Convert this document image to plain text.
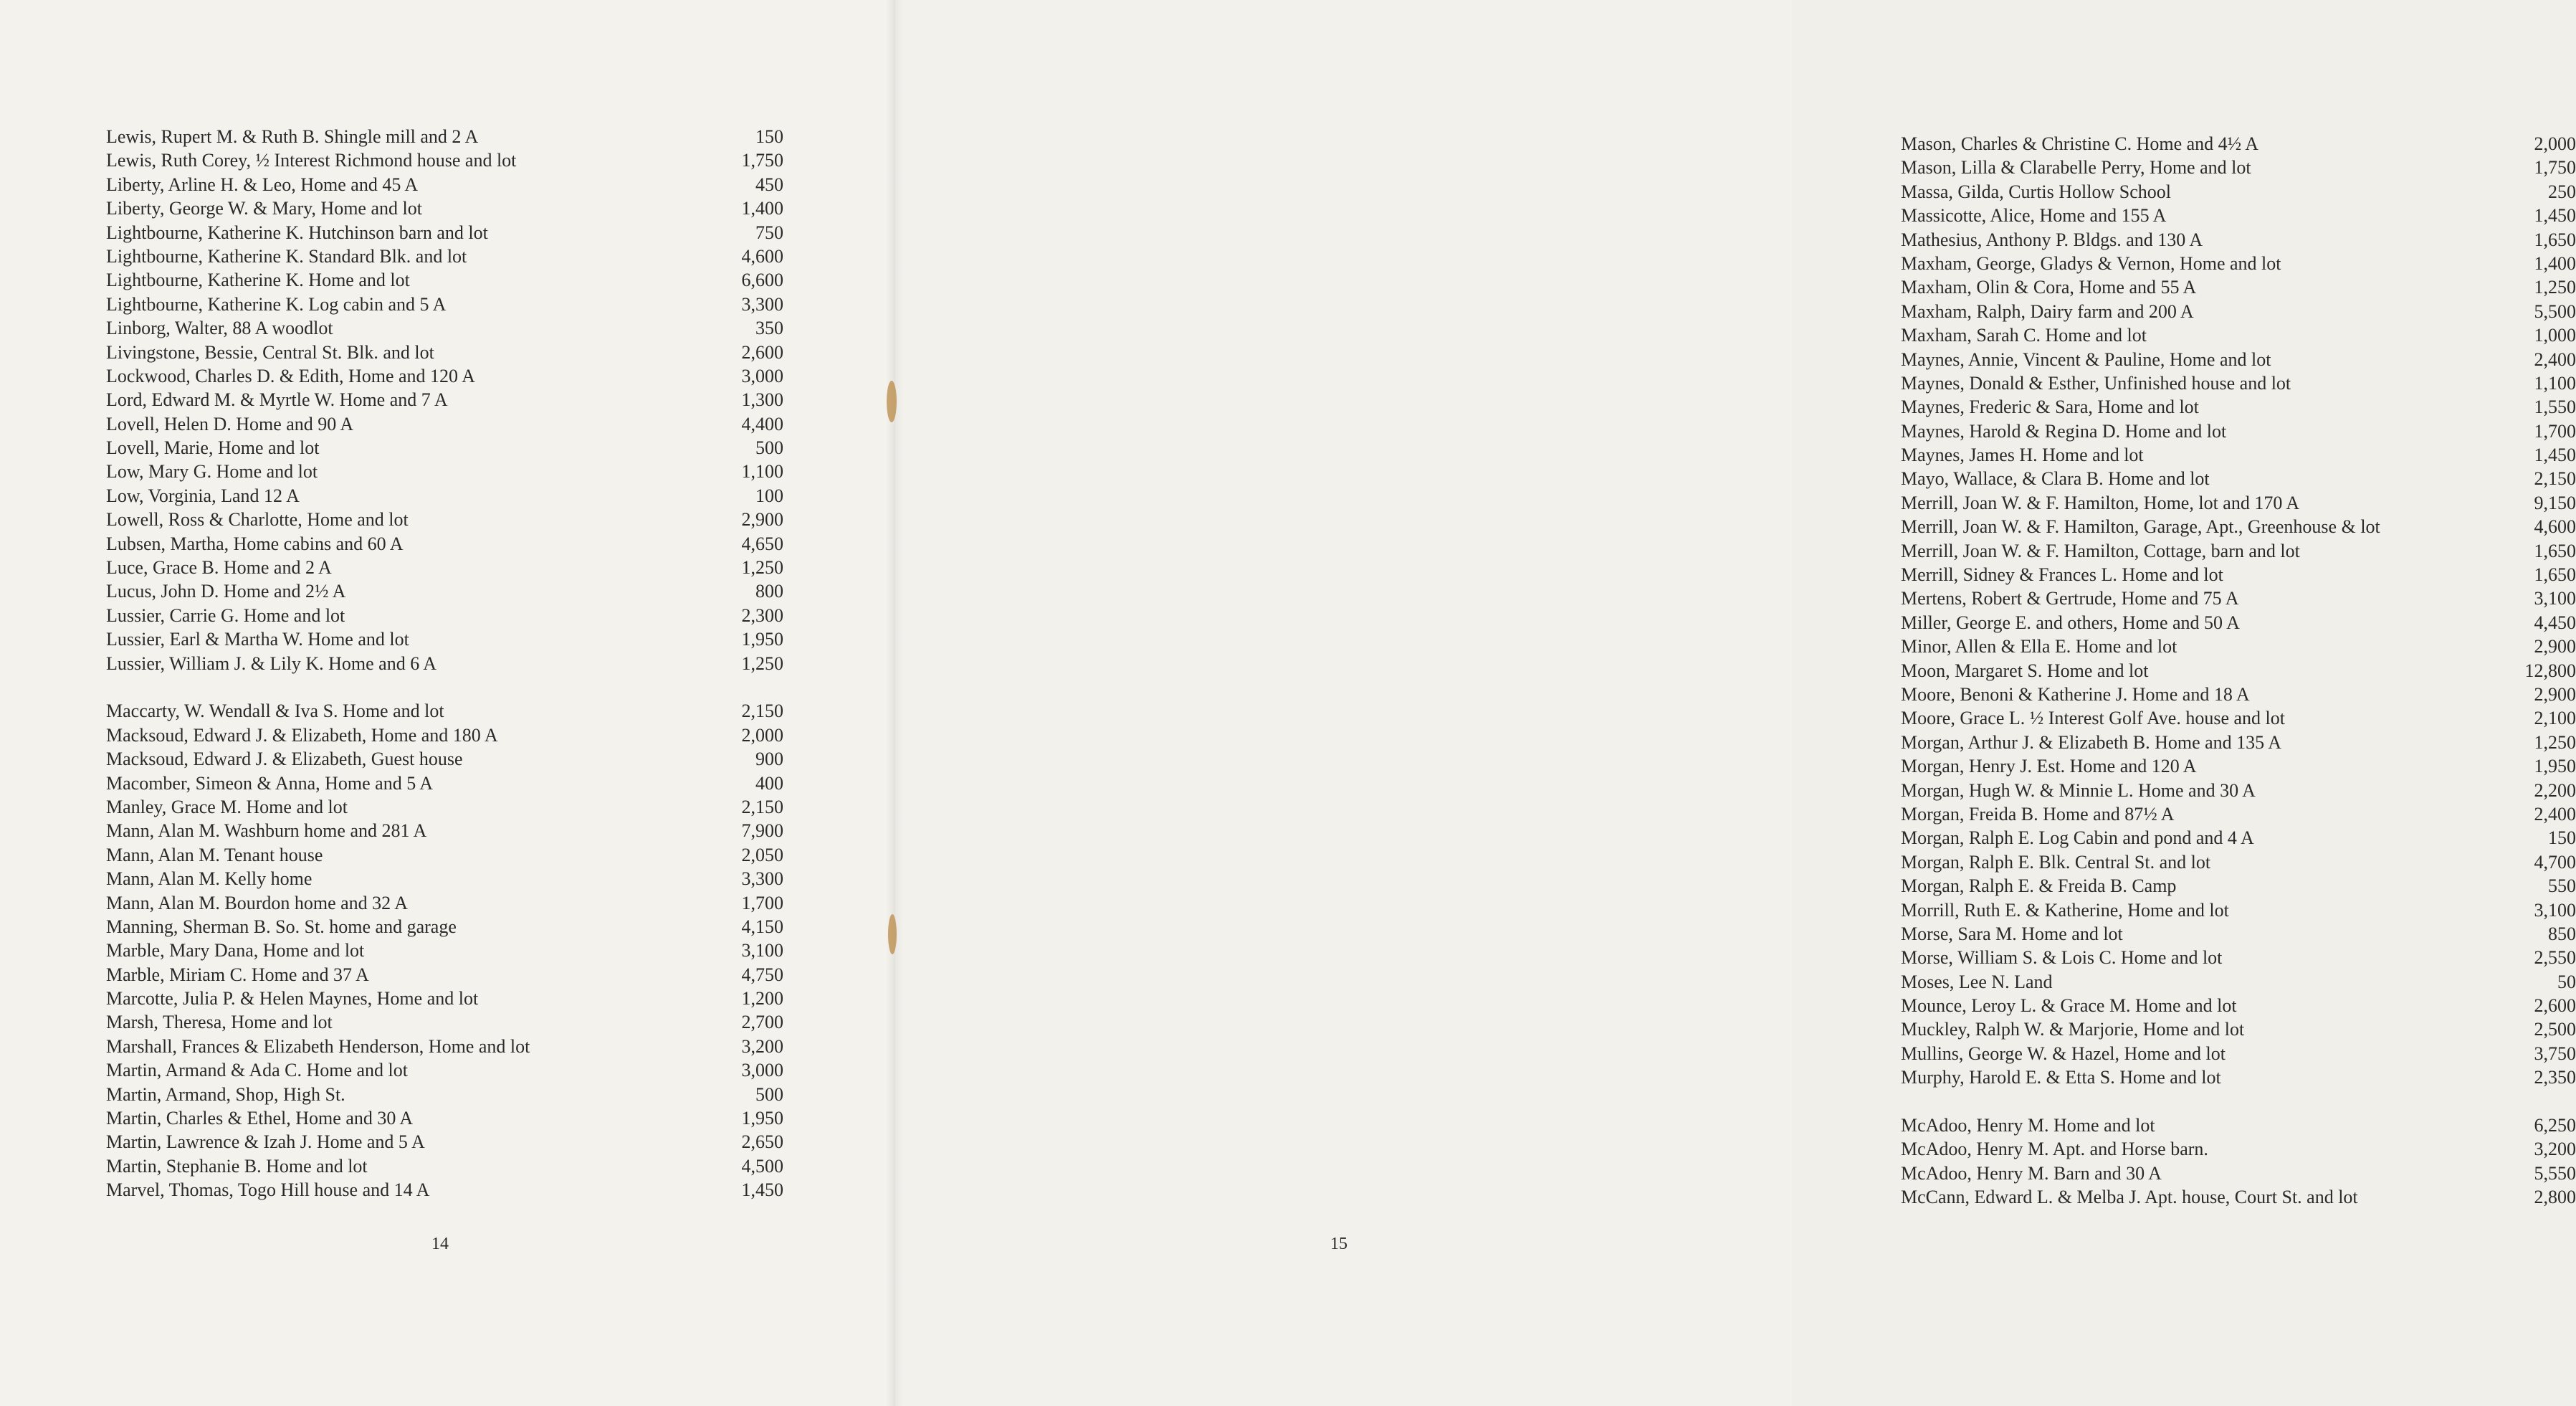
Lewis, Rupert M. & Ruth B. Shingle mill and 2 A	150
Lewis, Ruth Corey, ½ Interest Richmond house and lot	1,750
Liberty, Arline H. & Leo, Home and 45 A	450
Liberty, George W. & Mary, Home and lot	1,400
Lightbourne, Katherine K. Hutchinson barn and lot	750
Lightbourne, Katherine K. Standard Blk. and lot	4,600
Lightbourne, Katherine K. Home and lot	6,600
Lightbourne, Katherine K. Log cabin and 5 A	3,300
Linborg, Walter, 88 A woodlot	350
Livingstone, Bessie, Central St. Blk. and lot	2,600
Lockwood, Charles D. & Edith, Home and 120 A	3,000
Lord, Edward M. & Myrtle W. Home and 7 A	1,300
Lovell, Helen D. Home and 90 A	4,400
Lovell, Marie, Home and lot	500
Low, Mary G. Home and lot	1,100
Low, Vorginia, Land 12 A	100
Lowell, Ross & Charlotte, Home and lot	2,900
Lubsen, Martha, Home cabins and 60 A	4,650
Luce, Grace B. Home and 2 A	1,250
Lucus, John D. Home and 2½ A	800
Lussier, Carrie G. Home and lot	2,300
Lussier, Earl & Martha W. Home and lot	1,950
Lussier, William J. & Lily K. Home and 6 A	1,250
Maccarty, W. Wendall & Iva S. Home and lot	2,150
Macksoud, Edward J. & Elizabeth, Home and 180 A	2,000
Macksoud, Edward J. & Elizabeth, Guest house	900
Macomber, Simeon & Anna, Home and 5 A	400
Manley, Grace M. Home and lot	2,150
Mann, Alan M. Washburn home and 281 A	7,900
Mann, Alan M. Tenant house	2,050
Mann, Alan M. Kelly home	3,300
Mann, Alan M. Bourdon home and 32 A	1,700
Manning, Sherman B. So. St. home and garage	4,150
Marble, Mary Dana, Home and lot	3,100
Marble, Miriam C. Home and 37 A	4,750
Marcotte, Julia P. & Helen Maynes, Home and lot	1,200
Marsh, Theresa, Home and lot	2,700
Marshall, Frances & Elizabeth Henderson, Home and lot	3,200
Martin, Armand & Ada C. Home and lot	3,000
Martin, Armand, Shop, High St.	500
Martin, Charles & Ethel, Home and 30 A	1,950
Martin, Lawrence & Izah J. Home and 5 A	2,650
Martin, Stephanie B. Home and lot	4,500
Marvel, Thomas, Togo Hill house and 14 A	1,450
14
Mason, Charles & Christine C. Home and 4½ A	2,000
Mason, Lilla & Clarabelle Perry, Home and lot	1,750
Massa, Gilda, Curtis Hollow School	250
Massicotte, Alice, Home and 155 A	1,450
Mathesius, Anthony P. Bldgs. and 130 A	1,650
Maxham, George, Gladys & Vernon, Home and lot	1,400
Maxham, Olin & Cora, Home and 55 A	1,250
Maxham, Ralph, Dairy farm and 200 A	5,500
Maxham, Sarah C. Home and lot	1,000
Maynes, Annie, Vincent & Pauline, Home and lot	2,400
Maynes, Donald & Esther, Unfinished house and lot	1,100
Maynes, Frederic & Sara, Home and lot	1,550
Maynes, Harold & Regina D. Home and lot	1,700
Maynes, James H. Home and lot	1,450
Mayo, Wallace, & Clara B. Home and lot	2,150
Merrill, Joan W. & F. Hamilton, Home, lot and 170 A	9,150
Merrill, Joan W. & F. Hamilton, Garage, Apt., Greenhouse & lot	4,600
Merrill, Joan W. & F. Hamilton, Cottage, barn and lot	1,650
Merrill, Sidney & Frances L. Home and lot	1,650
Mertens, Robert & Gertrude, Home and 75 A	3,100
Miller, George E. and others, Home and 50 A	4,450
Minor, Allen & Ella E. Home and lot	2,900
Moon, Margaret S. Home and lot	12,800
Moore, Benoni & Katherine J. Home and 18 A	2,900
Moore, Grace L. ½ Interest Golf Ave. house and lot	2,100
Morgan, Arthur J. & Elizabeth B. Home and 135 A	1,250
Morgan, Henry J. Est. Home and 120 A	1,950
Morgan, Hugh W. & Minnie L. Home and 30 A	2,200
Morgan, Freida B. Home and 87½ A	2,400
Morgan, Ralph E. Log Cabin and pond and 4 A	150
Morgan, Ralph E. Blk. Central St. and lot	4,700
Morgan, Ralph E. & Freida B. Camp	550
Morrill, Ruth E. & Katherine, Home and lot	3,100
Morse, Sara M. Home and lot	850
Morse, William S. & Lois C. Home and lot	2,550
Moses, Lee N. Land	50
Mounce, Leroy L. & Grace M. Home and lot	2,600
Muckley, Ralph W. & Marjorie, Home and lot	2,500
Mullins, George W. & Hazel, Home and lot	3,750
Murphy, Harold E. & Etta S. Home and lot	2,350
McAdoo, Henry M. Home and lot	6,250
McAdoo, Henry M. Apt. and Horse barn.	3,200
McAdoo, Henry M. Barn and 30 A	5,550
McCann, Edward L. & Melba J. Apt. house, Court St. and lot	2,800
15
